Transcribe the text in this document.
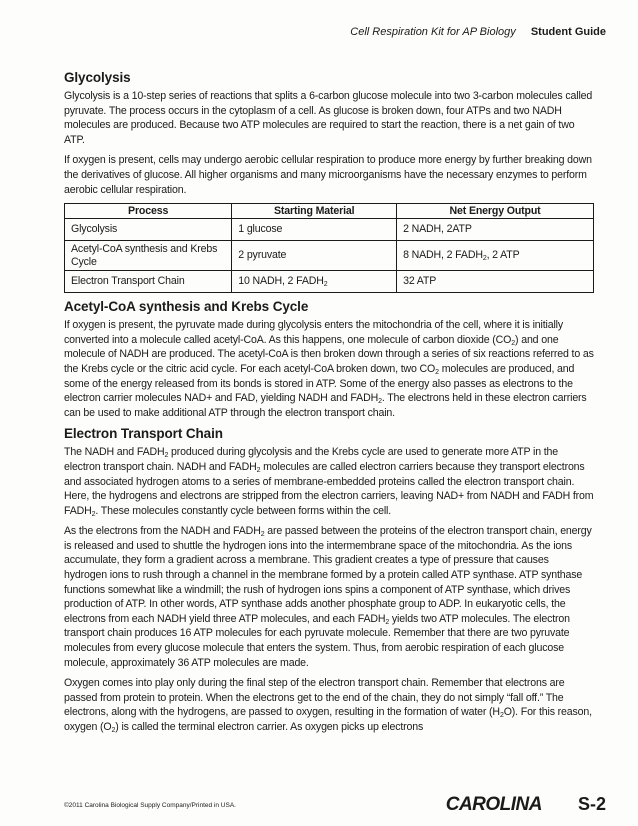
Cell Respiration Kit for AP Biology Student Guide
Glycolysis

Glycolysis is a 10-step series of reactions that splits a 6-carbon glucose molecule into two 3-carbon molecules called pyruvate. The process occurs in the cytoplasm of a cell. As glucose is broken down, four ATPs and two NADH molecules are produced. Because two ATP molecules are required to start the reaction, there is a net gain of two ATP.

If oxygen is present, cells may undergo aerobic cellular respiration to produce more energy by further breaking down the derivatives of glucose. All higher organisms and many microorganisms have the necessary enzymes to perform aerobic cellular respiration.

Process	Starting Material	Net Energy Output
Glycolysis	1 glucose	2 NADH, 2ATP
Acetyl-CoA synthesis and Krebs Cycle	2 pyruvate	8 NADH, 2 $FADH_2$, 2 ATP
Electron Transport Chain	10 NADH, 2 $FADH_2$	32 ATP
Acetyl-CoA synthesis and Krebs Cycle

If oxygen is present, the pyruvate made during glycolysis enters the mitochondria of the cell, where it is initially converted into a molecule called acetyl-CoA. As this happens, one molecule of carbon dioxide $(CO_2)$ and one molecule of NADH are produced. The acetyl-CoA is then broken down through a series of six reactions referred to as the Krebs cycle or the citric acid cycle. For each acetyl-CoA broken down, two $CO_2$ molecules are produced, and some of the energy released from its bonds is stored in ATP. Some of the energy also passes as electrons to the electron carrier molecules NAD+ and FAD, yielding NADH and $FADH_2$. The electrons held in these electron carriers can be used to make additional ATP through the electron transport chain.

Electron Transport Chain

The NADH and $FADH_2$ produced during glycolysis and the Krebs cycle are used to generate more ATP in the electron transport chain. NADH and $FADH_2$ molecules are called electron carriers because they transport electrons and associated hydrogen atoms to a series of membrane-embedded proteins called the electron transport chain. Here, the hydrogens and electrons are stripped from the electron carriers, leaving NAD+ from NADH and FADH from $FADH_2$. These molecules constantly cycle between forms within the cell.

As the electrons from the NADH and $FADH_2$ are passed between the proteins of the electron transport chain, energy is released and used to shuttle the hydrogen ions into the intermembrane space of the mitochondria. As the ions accumulate, they form a gradient across a membrane. This gradient creates a type of pressure that causes hydrogen ions to rush through a channel in the membrane formed by a protein called ATP synthase. ATP synthase functions somewhat like a windmill; the rush of hydrogen ions spins a component of ATP synthase, which drives production of ATP. In other words, ATP synthase adds another phosphate group to ADP. In eukaryotic cells, the electrons from each NADH yield three ATP molecules, and each $FADH_2$ yields two ATP molecules. The electron transport chain produces 16 ATP molecules for each pyruvate molecule. Remember that there are two pyruvate molecules from every glucose molecule that enters the system. Thus, from aerobic respiration of each glucose molecule, approximately 36 ATP molecules are made.

Oxygen comes into play only during the final step of the electron transport chain. Remember that electrons are passed from protein to protein. When the electrons get to the end of the chain, they do not simply “fall off.” The electrons, along with the hydrogens, are passed to oxygen, resulting in the formation of water $(H_2O)$. For this reason, oxygen $(O_2)$ is called the terminal electron carrier. As oxygen picks up electrons

©2011 Carolina Biological Supply Company/Printed in USA.	CAROLINA S-2
